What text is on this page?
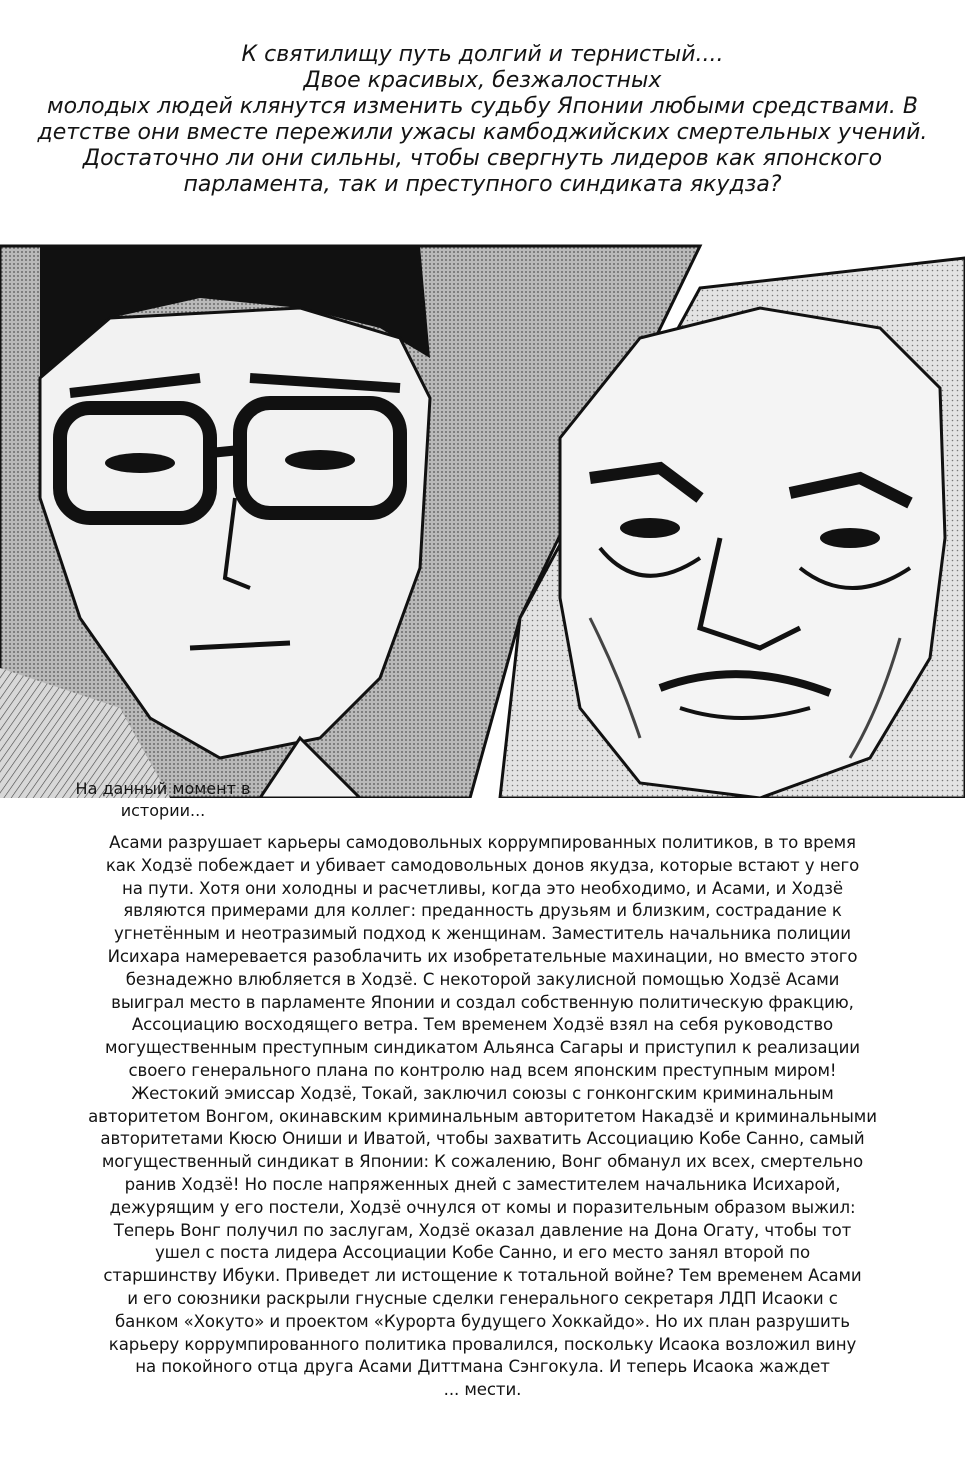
К святилищу путь долгий и тернистый....
Двое красивых, безжалостных
молодых людей клянутся изменить судьбу Японии любыми средствами. В
детстве они вместе пережили ужасы камбоджийских смертельных учений.
Достаточно ли они сильны, чтобы свергнуть лидеров как японского
парламента, так и преступного синдиката якудза?
На данный момент в
истории...
Асами разрушает карьеры самодовольных коррумпированных политиков, в то время
как Ходзё побеждает и убивает самодовольных донов якудза, которые встают у него
на пути. Хотя они холодны и расчетливы, когда это необходимо, и Асами, и Ходзё
являются примерами для коллег: преданность друзьям и близким, сострадание к
угнетённым и неотразимый подход к женщинам. Заместитель начальника полиции
Исихара намеревается разоблачить их изобретательные махинации, но вместо этого
безнадежно влюбляется в Ходзё. С некоторой закулисной помощью Ходзё Асами
выиграл место в парламенте Японии и создал собственную политическую фракцию,
Ассоциацию восходящего ветра. Тем временем Ходзё взял на себя руководство
могущественным преступным синдикатом Альянса Сагары и приступил к реализации
своего генерального плана по контролю над всем японским преступным миром!
Жестокий эмиссар Ходзё, Токай, заключил союзы с гонконгским криминальным
авторитетом Вонгом, окинавским криминальным авторитетом Накадзё и криминальными
авторитетами Кюсю Ониши и Иватой, чтобы захватить Ассоциацию Кобе Санно, самый
могущественный синдикат в Японии: К сожалению, Вонг обманул их всех, смертельно
ранив Ходзё! Но после напряженных дней с заместителем начальника Исихарой,
дежурящим у его постели, Ходзё очнулся от комы и поразительным образом выжил:
Теперь Вонг получил по заслугам, Ходзё оказал давление на Дона Огату, чтобы тот
ушел с поста лидера Ассоциации Кобе Санно, и его место занял второй по
старшинству Ибуки. Приведет ли истощение к тотальной войне? Тем временем Асами
и его союзники раскрыли гнусные сделки генерального секретаря ЛДП Исаоки с
банком «Хокуто» и проектом «Курорта будущего Хоккайдо». Но их план разрушить
карьеру коррумпированного политика провалился, поскольку Исаока возложил вину
на покойного отца друга Асами Диттмана Сэнгокула. И теперь Исаока жаждет
... мести.
